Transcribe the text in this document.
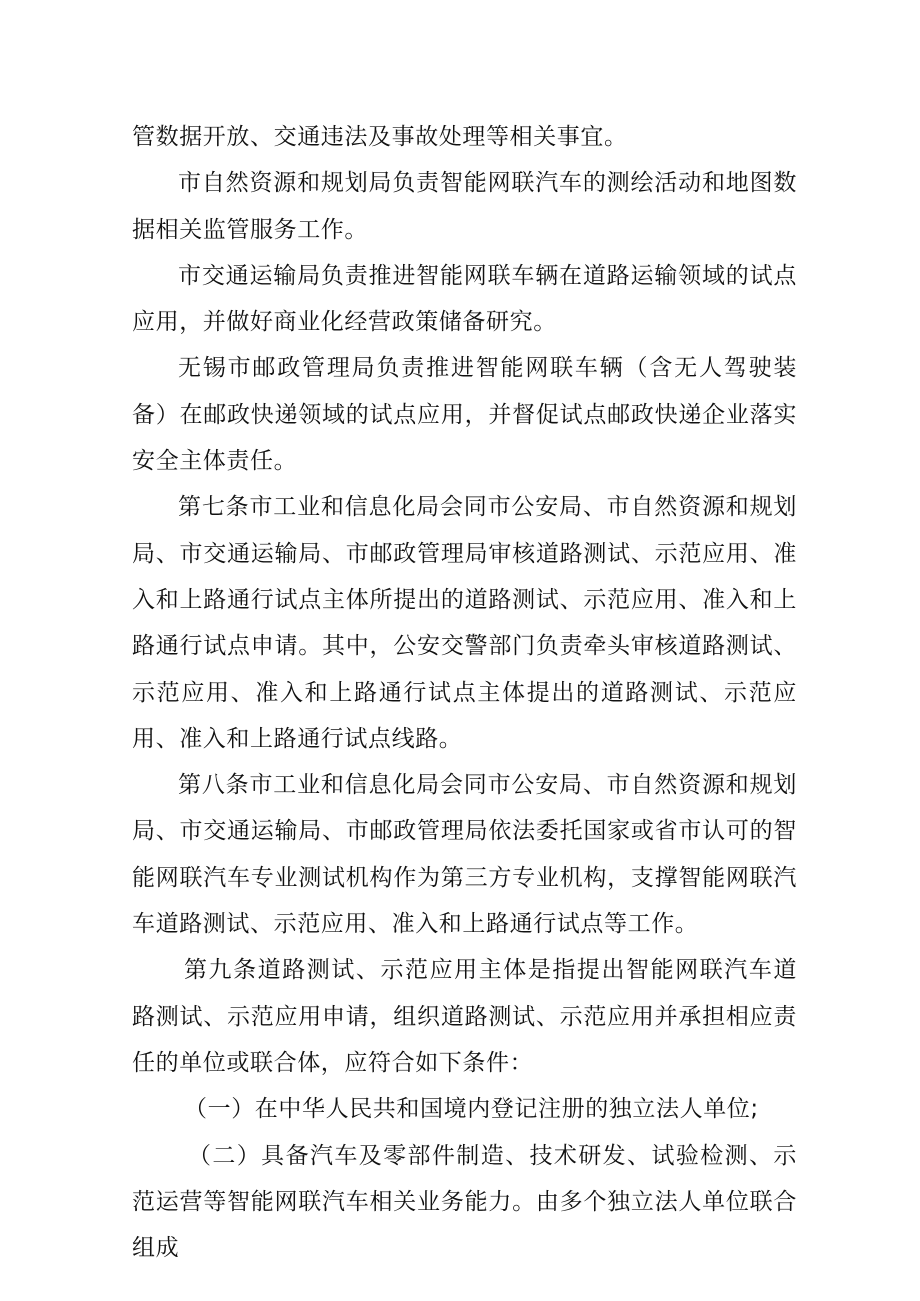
管数据开放、交通违法及事故处理等相关事宜。

市自然资源和规划局负责智能网联汽车的测绘活动和地图数据相关监管服务工作。

市交通运输局负责推进智能网联车辆在道路运输领域的试点应用，并做好商业化经营政策储备研究。

无锡市邮政管理局负责推进智能网联车辆（含无人驾驶装备）在邮政快递领域的试点应用，并督促试点邮政快递企业落实安全主体责任。

第七条市工业和信息化局会同市公安局、市自然资源和规划局、市交通运输局、市邮政管理局审核道路测试、示范应用、准入和上路通行试点主体所提出的道路测试、示范应用、准入和上路通行试点申请。其中，公安交警部门负责牵头审核道路测试、示范应用、准入和上路通行试点主体提出的道路测试、示范应用、准入和上路通行试点线路。

第八条市工业和信息化局会同市公安局、市自然资源和规划局、市交通运输局、市邮政管理局依法委托国家或省市认可的智能网联汽车专业测试机构作为第三方专业机构，支撑智能网联汽车道路测试、示范应用、准入和上路通行试点等工作。

第九条道路测试、示范应用主体是指提出智能网联汽车道路测试、示范应用申请，组织道路测试、示范应用并承担相应责任的单位或联合体，应符合如下条件：

（一）在中华人民共和国境内登记注册的独立法人单位;

（二）具备汽车及零部件制造、技术研发、试验检测、示范运营等智能网联汽车相关业务能力。由多个独立法人单位联合组成
